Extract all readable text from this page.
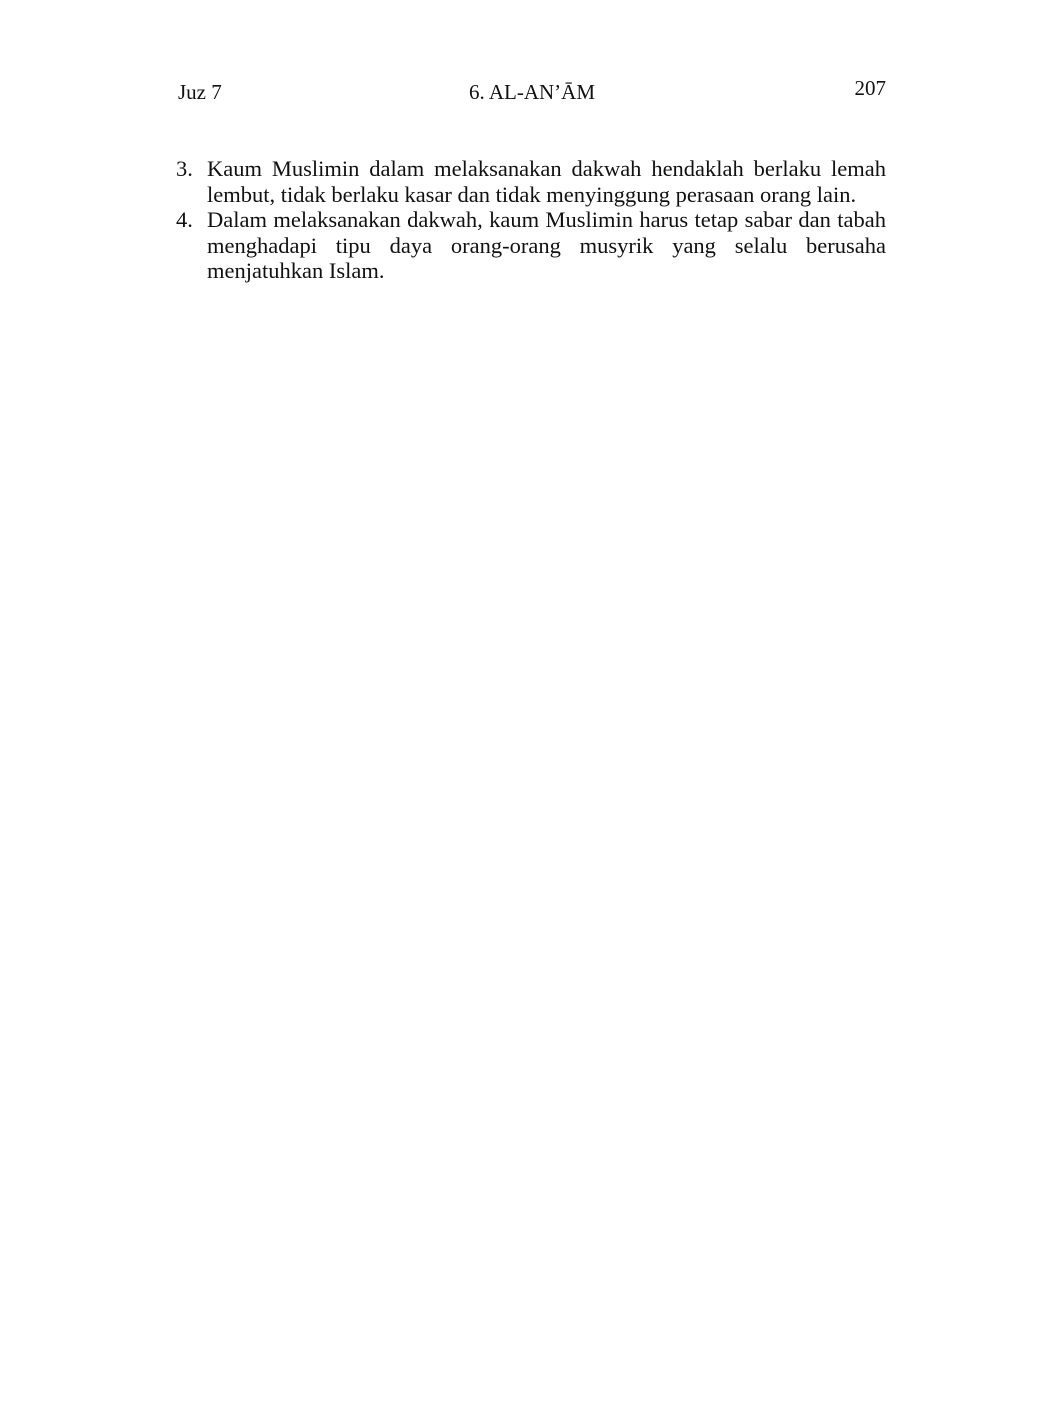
Juz 7	6. AL-AN’ĀM	207
3. Kaum Muslimin dalam melaksanakan dakwah hendaklah berlaku lemah lembut, tidak berlaku kasar dan tidak menyinggung perasaan orang lain.
4. Dalam melaksanakan dakwah, kaum Muslimin harus tetap sabar dan tabah menghadapi tipu daya orang-orang musyrik yang selalu berusaha menjatuhkan Islam.
